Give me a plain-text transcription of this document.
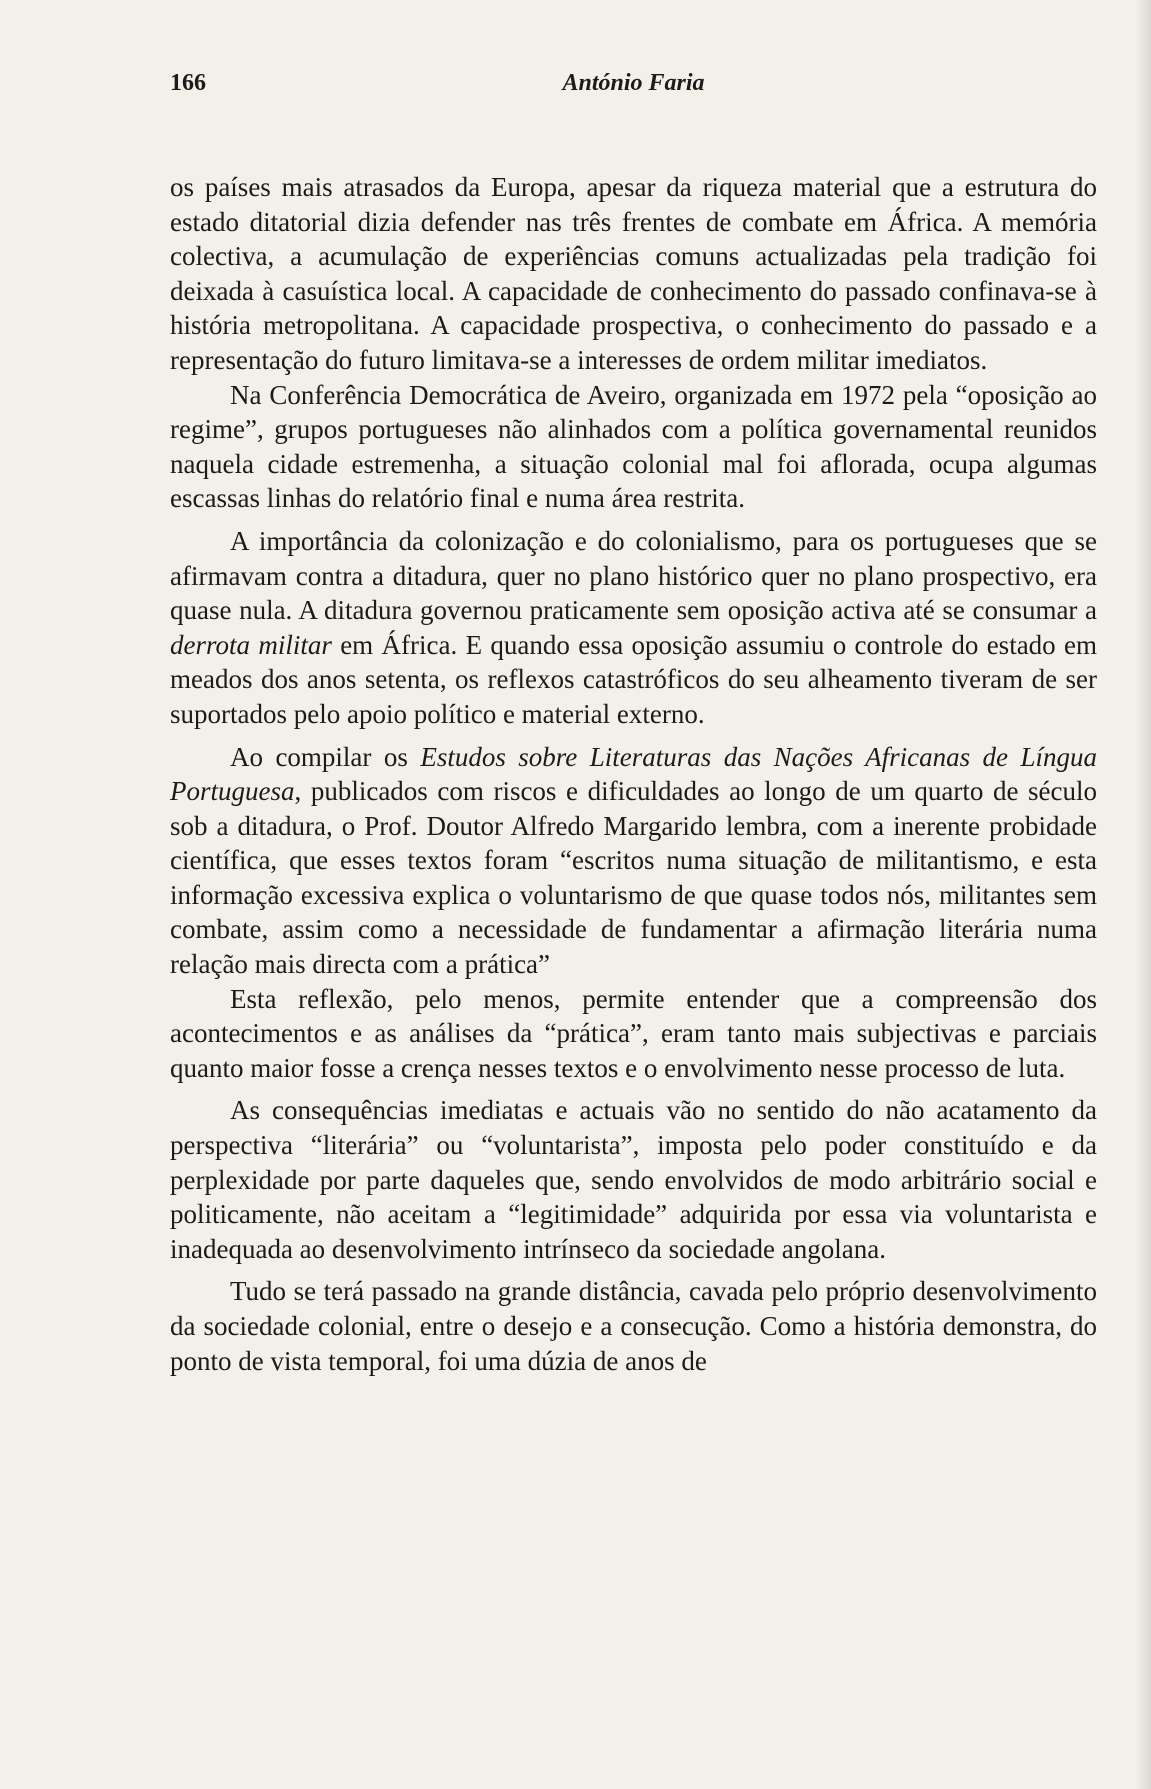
166	António Faria

os países mais atrasados da Europa, apesar da riqueza material que a estrutura do estado ditatorial dizia defender nas três frentes de combate em África. A memória colectiva, a acumulação de experiências comuns actualizadas pela tradição foi deixada à casuística local. A capacidade de conhecimento do passado confinava-se à história metropolitana. A capacidade prospectiva, o conhecimento do passado e a representação do futuro limitava-se a interesses de ordem militar imediatos.

Na Conferência Democrática de Aveiro, organizada em 1972 pela “oposição ao regime”, grupos portugueses não alinhados com a política governamental reunidos naquela cidade estremenha, a situação colonial mal foi aflorada, ocupa algumas escassas linhas do relatório final e numa área restrita.

A importância da colonização e do colonialismo, para os portugueses que se afirmavam contra a ditadura, quer no plano histórico quer no plano prospectivo, era quase nula. A ditadura governou praticamente sem oposição activa até se consumar a derrota militar em África. E quando essa oposição assumiu o controle do estado em meados dos anos setenta, os reflexos catastróficos do seu alheamento tiveram de ser suportados pelo apoio político e material externo.

Ao compilar os Estudos sobre Literaturas das Nações Africanas de Língua Portuguesa, publicados com riscos e dificuldades ao longo de um quarto de século sob a ditadura, o Prof. Doutor Alfredo Margarido lembra, com a inerente probidade científica, que esses textos foram “escritos numa situação de militantismo, e esta informação excessiva explica o voluntarismo de que quase todos nós, militantes sem combate, assim como a necessidade de fundamentar a afirmação literária numa relação mais directa com a prática”

Esta reflexão, pelo menos, permite entender que a compreensão dos acontecimentos e as análises da “prática”, eram tanto mais subjectivas e parciais quanto maior fosse a crença nesses textos e o envolvimento nesse processo de luta.

As consequências imediatas e actuais vão no sentido do não acatamento da perspectiva “literária” ou “voluntarista”, imposta pelo poder constituído e da perplexidade por parte daqueles que, sendo envolvidos de modo arbitrário social e politicamente, não aceitam a “legitimidade” adquirida por essa via voluntarista e inadequada ao desenvolvimento intrínseco da sociedade angolana.

Tudo se terá passado na grande distância, cavada pelo próprio desenvolvimento da sociedade colonial, entre o desejo e a consecução. Como a história demonstra, do ponto de vista temporal, foi uma dúzia de anos de
